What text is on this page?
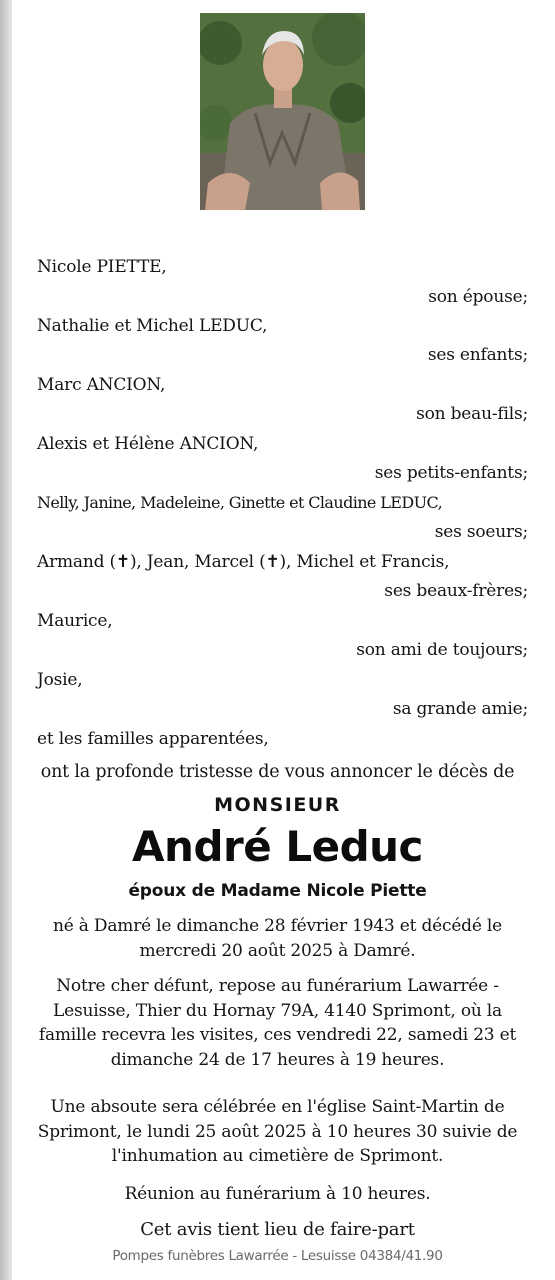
Nicole PIETTE,
son épouse;
Nathalie et Michel LEDUC,
ses enfants;
Marc ANCION,
son beau-fils;
Alexis et Hélène ANCION,
ses petits-enfants;
Nelly, Janine, Madeleine, Ginette et Claudine LEDUC,
ses soeurs;
Armand (✝), Jean, Marcel (✝), Michel et Francis,
ses beaux-frères;
Maurice,
son ami de toujours;
Josie,
sa grande amie;
et les familles apparentées,
ont la profonde tristesse de vous annoncer le décès de
MONSIEUR
André Leduc
époux de Madame Nicole Piette
né à Damré le dimanche 28 février 1943 et décédé le mercredi 20 août 2025 à Damré.
Notre cher défunt, repose au funérarium Lawarrée - Lesuisse, Thier du Hornay 79A, 4140 Sprimont, où la famille recevra les visites, ces vendredi 22, samedi 23 et dimanche 24 de 17 heures à 19 heures.
Une absoute sera célébrée en l'église Saint-Martin de Sprimont, le lundi 25 août 2025 à 10 heures 30 suivie de l'inhumation au cimetière de Sprimont.
Réunion au funérarium à 10 heures.
Cet avis tient lieu de faire-part
Pompes funèbres Lawarrée - Lesuisse 04384/41.90
